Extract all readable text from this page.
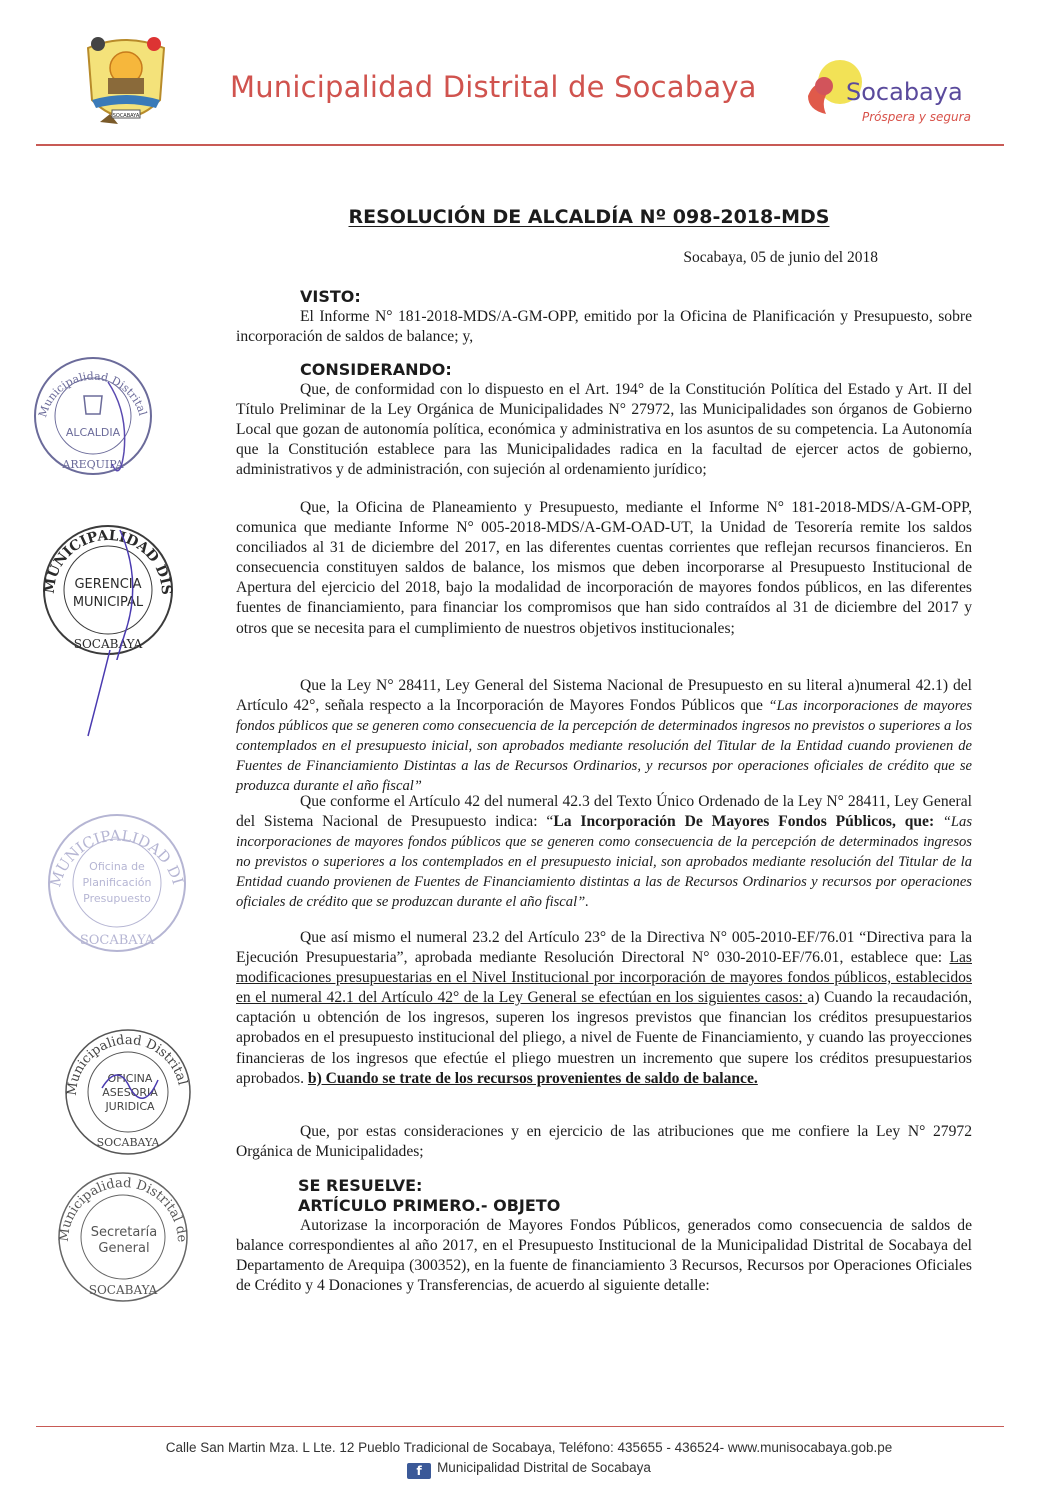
SOCABAYA
Municipalidad Distrital de Socabaya	Socabaya
Próspera y segura
RESOLUCIÓN DE ALCALDÍA Nº 098-2018-MDS
Socabaya, 05 de junio del 2018
VISTO:

El Informe N° 181-2018-MDS/A-GM-OPP, emitido por la Oficina de Planificación y Presupuesto, sobre incorporación de saldos de balance; y,

CONSIDERANDO:

Que, de conformidad con lo dispuesto en el Art. 194° de la Constitución Política del Estado y Art. II del Título Preliminar de la Ley Orgánica de Municipalidades N° 27972, las Municipalidades son órganos de Gobierno Local que gozan de autonomía política, económica y administrativa en los asuntos de su competencia. La Autonomía que la Constitución establece para las Municipalidades radica en la facultad de ejercer actos de gobierno, administrativos y de administración, con sujeción al ordenamiento jurídico;

Que, la Oficina de Planeamiento y Presupuesto, mediante el Informe N° 181-2018-MDS/A-GM-OPP, comunica que mediante Informe N° 005-2018-MDS/A-GM-OAD-UT, la Unidad de Tesorería remite los saldos conciliados al 31 de diciembre del 2017, en las diferentes cuentas corrientes que reflejan recursos financieros. En consecuencia constituyen saldos de balance, los mismos que deben incorporarse al Presupuesto Institucional de Apertura del ejercicio del 2018, bajo la modalidad de incorporación de mayores fondos públicos, en las diferentes fuentes de financiamiento, para financiar los compromisos que han sido contraídos al 31 de diciembre del 2017 y otros que se necesita para el cumplimiento de nuestros objetivos institucionales;

Que la Ley N° 28411, Ley General del Sistema Nacional de Presupuesto en su literal a)numeral 42.1) del Artículo 42°, señala respecto a la Incorporación de Mayores Fondos Públicos que “Las incorporaciones de mayores fondos públicos que se generen como consecuencia de la percepción de determinados ingresos no previstos o superiores a los contemplados en el presupuesto inicial, son aprobados mediante resolución del Titular de la Entidad cuando provienen de Fuentes de Financiamiento Distintas a las de Recursos Ordinarios, y recursos por operaciones oficiales de crédito que se produzca durante el año fiscal”

Que conforme el Artículo 42 del numeral 42.3 del Texto Único Ordenado de la Ley N° 28411, Ley General del Sistema Nacional de Presupuesto indica: “La Incorporación De Mayores Fondos Públicos, que: “Las incorporaciones de mayores fondos públicos que se generen como consecuencia de la percepción de determinados ingresos no previstos o superiores a los contemplados en el presupuesto inicial, son aprobados mediante resolución del Titular de la Entidad cuando provienen de Fuentes de Financiamiento distintas a las de Recursos Ordinarios y recursos por operaciones oficiales de crédito que se produzcan durante el año fiscal”.

Que así mismo el numeral 23.2 del Artículo 23° de la Directiva N° 005-2010-EF/76.01 “Directiva para la Ejecución Presupuestaria”, aprobada mediante Resolución Directoral N° 030-2010-EF/76.01, establece que: Las modificaciones presupuestarias en el Nivel Institucional por incorporación de mayores fondos públicos, establecidos en el numeral 42.1 del Artículo 42° de la Ley General se efectúan en los siguientes casos: a) Cuando la recaudación, captación u obtención de los ingresos, superen los ingresos previstos que financian los créditos presupuestarios aprobados en el presupuesto institucional del pliego, a nivel de Fuente de Financiamiento, y cuando las proyecciones financieras de los ingresos que efectúe el pliego muestren un incremento que supere los créditos presupuestarios aprobados. b) Cuando se trate de los recursos provenientes de saldo de balance.

Que, por estas consideraciones y en ejercicio de las atribuciones que me confiere la Ley N° 27972 Orgánica de Municipalidades;

SE RESUELVE:
ARTÍCULO PRIMERO.- OBJETO

Autorizase la incorporación de Mayores Fondos Públicos, generados como consecuencia de saldos de balance correspondientes al año 2017, en el Presupuesto Institucional de la Municipalidad Distrital de Socabaya del Departamento de Arequipa (300352), en la fuente de financiamiento 3 Recursos, Recursos por Operaciones Oficiales de Crédito y 4 Donaciones y Transferencias, de acuerdo al siguiente detalle:

Municipalidad Distrital
ALCALDIA
AREQUIPA
MUNICIPALIDAD DIS
GERENCIA
MUNICIPAL
SOCABAYA
MUNICIPALIDAD DI
Oficina de
Planificación
Presupuesto
SOCABAYA
Municipalidad Distrital
OFICINA
ASESORIA
JURIDICA
SOCABAYA
Municipalidad Distrital de
Secretaría
General
SOCABAYA
Calle San Martin Mza. L Lte. 12 Pueblo Tradicional de Socabaya, Teléfono: 435655 - 436524- www.munisocabaya.gob.pe
f Municipalidad Distrital de Socabaya
